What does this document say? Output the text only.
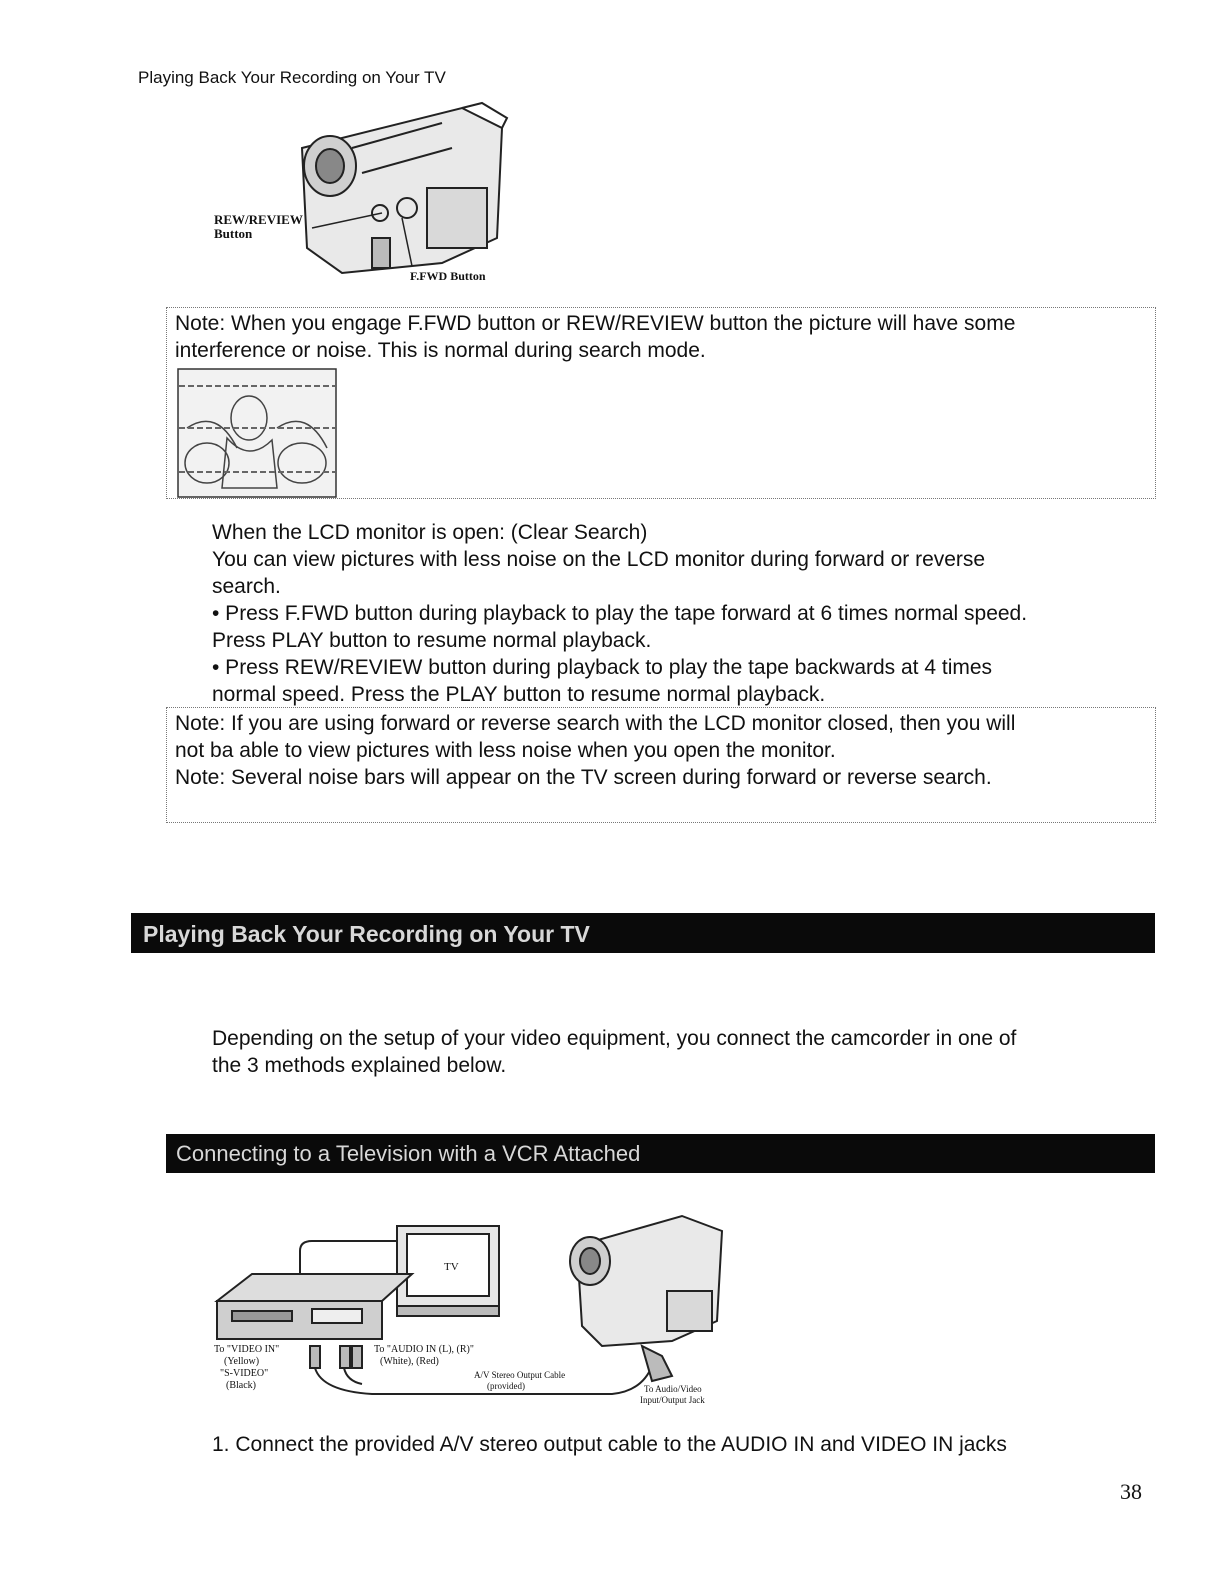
Playing Back Your Recording on Your TV
REW/REVIEW
Button
F.FWD Button
Note: When you engage F.FWD button or REW/REVIEW button the picture will have some
interference or noise. This is normal during search mode.
When the LCD monitor is open: (Clear Search)
You can view pictures with less noise on the LCD monitor during forward or reverse
search.
• Press F.FWD button during playback to play the tape forward at 6 times normal speed.
Press PLAY button to resume normal playback.
• Press REW/REVIEW button during playback to play the tape backwards at 4 times
normal speed. Press the PLAY button to resume normal playback.
Note: If you are using forward or reverse search with the LCD monitor closed, then you will
not ba able to view pictures with less noise when you open the monitor.
Note: Several noise bars will appear on the TV screen during forward or reverse search.
Playing Back Your Recording on Your TV
Depending on the setup of your video equipment, you connect the camcorder in one of
the 3 methods explained below.
Connecting to a Television with a VCR Attached
TV
To "VIDEO IN"
(Yellow)
"S-VIDEO"
(Black)
To "AUDIO IN (L), (R)"
(White), (Red)
A/V Stereo Output Cable
(provided)	To Audio/Video
Input/Output Jack
1. Connect the provided A/V stereo output cable to the AUDIO IN and VIDEO IN jacks
38
